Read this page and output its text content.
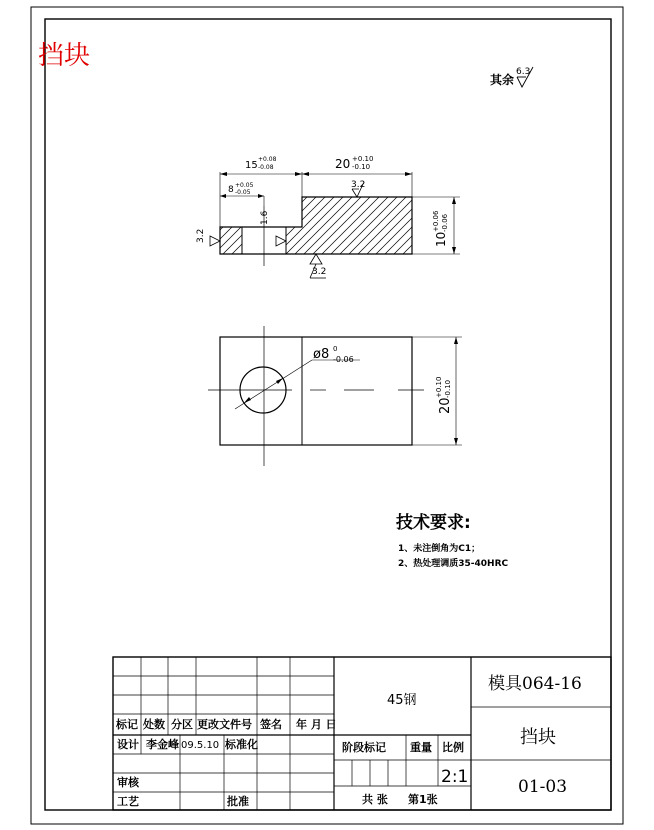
挡块
其余
6.3
15
+0.08
-0.08	20 +0.10
-0.10
8 +0.05
-0.05
10
+0.06 -0.06
3.2
3.2
1.6
3.2
ø8 0
-0.06
20
+0.10 -0.10
技术要求:
1、未注倒角为C1；
2、热处理调质35-40HRC
标记 处数 分区 更改文件号 签名 年 月 日
设计 李金峰 09.5.10 标准化
审核
工艺	批准
45钢
阶段标记 重量 比例
2:1
共 张 第1张
模具064-16
挡块
01-03
